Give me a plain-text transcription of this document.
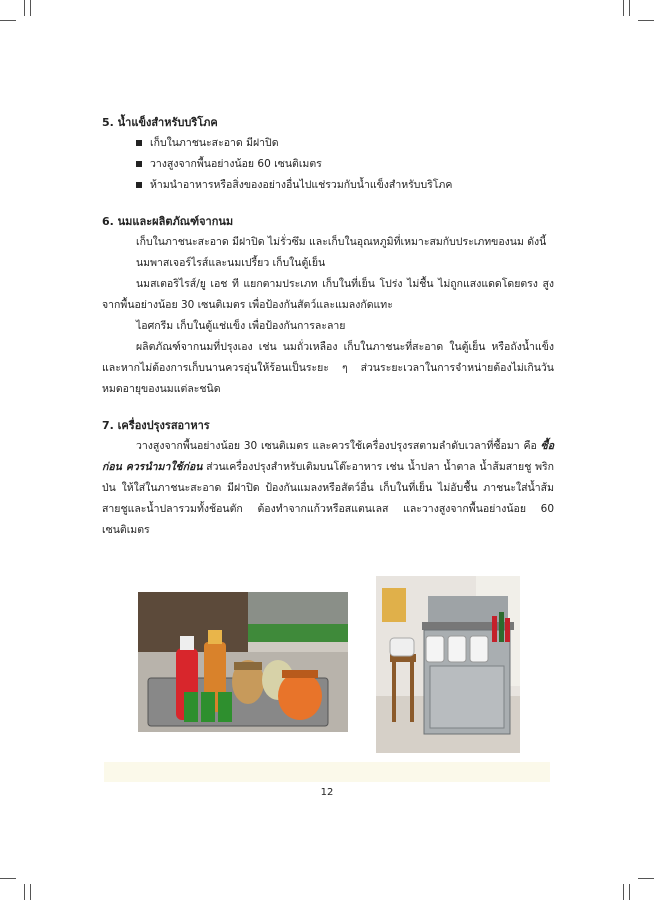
5. น้ำแข็งสำหรับบริโภค

เก็บในภาชนะสะอาด มีฝาปิด
วางสูงจากพื้นอย่างน้อย 60 เซนติเมตร
ห้ามนำอาหารหรือสิ่งของอย่างอื่นไปแช่รวมกับน้ำแข็งสำหรับบริโภค

6. นมและผลิตภัณฑ์จากนม

เก็บในภาชนะสะอาด มีฝาปิด ไม่รั่วซึม และเก็บในอุณหภูมิที่เหมาะสมกับประเภทของนม ดังนี้

นมพาสเจอร์ไรส์และนมเปรี้ยว เก็บในตู้เย็น

นมสเตอริไรส์/ยู เอช ที แยกตามประเภท เก็บในที่เย็น โปร่ง ไม่ชื้น ไม่ถูกแสงแดดโดยตรง สูงจากพื้นอย่างน้อย 30 เซนติเมตร เพื่อป้องกันสัตว์และแมลงกัดแทะ

ไอศกรีม เก็บในตู้แช่แข็ง เพื่อป้องกันการละลาย

ผลิตภัณฑ์จากนมที่ปรุงเอง เช่น นมถั่วเหลือง เก็บในภาชนะที่สะอาด ในตู้เย็น หรือถังน้ำแข็ง และหากไม่ต้องการเก็บนานควรอุ่นให้ร้อนเป็นระยะ ๆ ส่วนระยะเวลาในการจำหน่ายต้องไม่เกินวันหมดอายุของนมแต่ละชนิด

7. เครื่องปรุงรสอาหาร

วางสูงจากพื้นอย่างน้อย 30 เซนติเมตร และควรใช้เครื่องปรุงรสตามลำดับเวลาที่ซื้อมา คือ ซื้อก่อน ควรนำมาใช้ก่อน ส่วนเครื่องปรุงสำหรับเติมบนโต๊ะอาหาร เช่น น้ำปลา น้ำตาล น้ำส้มสายชู พริกป่น ให้ใส่ในภาชนะสะอาด มีฝาปิด ป้องกันแมลงหรือสัตว์อื่น เก็บในที่เย็น ไม่อับชื้น ภาชนะใส่น้ำส้มสายชูและน้ำปลารวมทั้งช้อนตัก ต้องทำจากแก้วหรือสแตนเลส และวางสูงจากพื้นอย่างน้อย 60 เซนติเมตร

12
